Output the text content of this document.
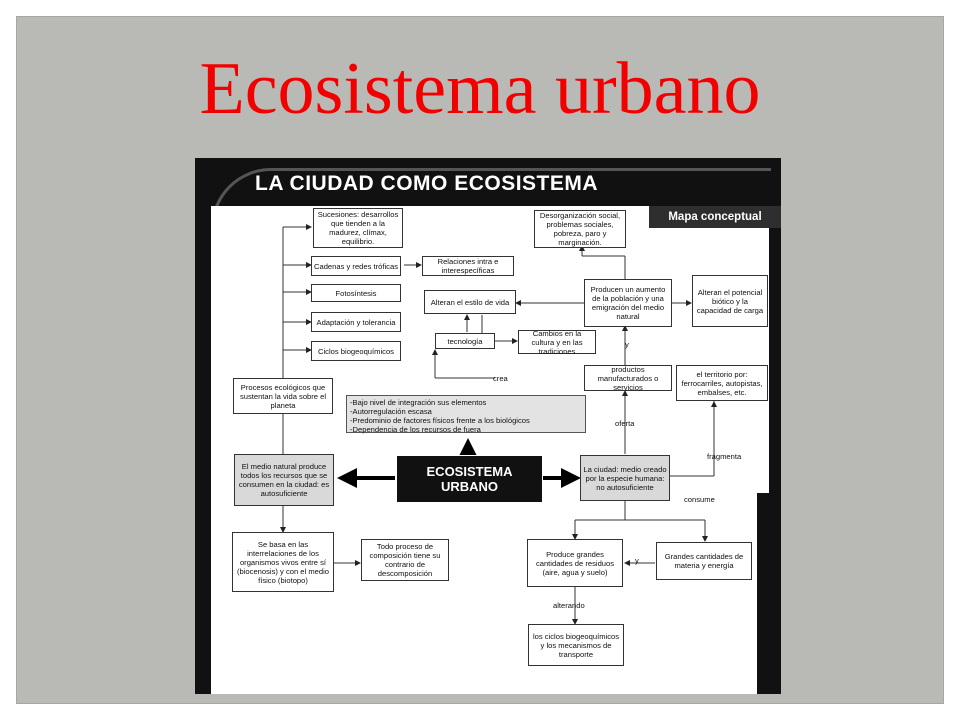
Ecosistema urbano
LA CIUDAD COMO ECOSISTEMA
Mapa conceptual
Sucesiones: desarrollos que tienden a la madurez, clímax, equilibrio.
Cadenas y redes tróficas	Relaciones intra e interespecíficas
Fotosíntesis
Adaptación y tolerancia
Ciclos biogeoquímicos
Procesos ecológicos que sustentan la vida sobre el planeta
El medio natural produce todos los recursos que se consumen en la ciudad: es autosuficiente
Se basa en las interrelaciones de los organismos vivos entre sí (biocenosis) y con el medio físico (biotopo)
Todo proceso de composición tiene su contrario de descomposición
Desorganización social, problemas sociales, pobreza, paro y marginación.
Producen un aumento de la población y una emigración del medio natural
Alteran el potencial biótico y la capacidad de carga
Alteran el estilo de vida
tecnología
Cambios en la cultura y en las tradiciones
productos manufacturados o servicios
el territorio por: ferrocarriles, autopistas, embalses, etc.
La ciudad: medio creado por la especie humana: no autosuficiente
Produce grandes cantidades de residuos (aire, agua y suelo)
Grandes cantidades de materia y energía
los ciclos biogeoquímicos y los mecanismos de transporte
-Bajo nivel de integración sus elementos
-Autorregulación escasa
-Predominio de factores físicos frente a los biológicos
-Dependencia de los recursos de fuera
ECOSISTEMA URBANO
crea
oferta
y
fragmenta
consume
y
alterando
